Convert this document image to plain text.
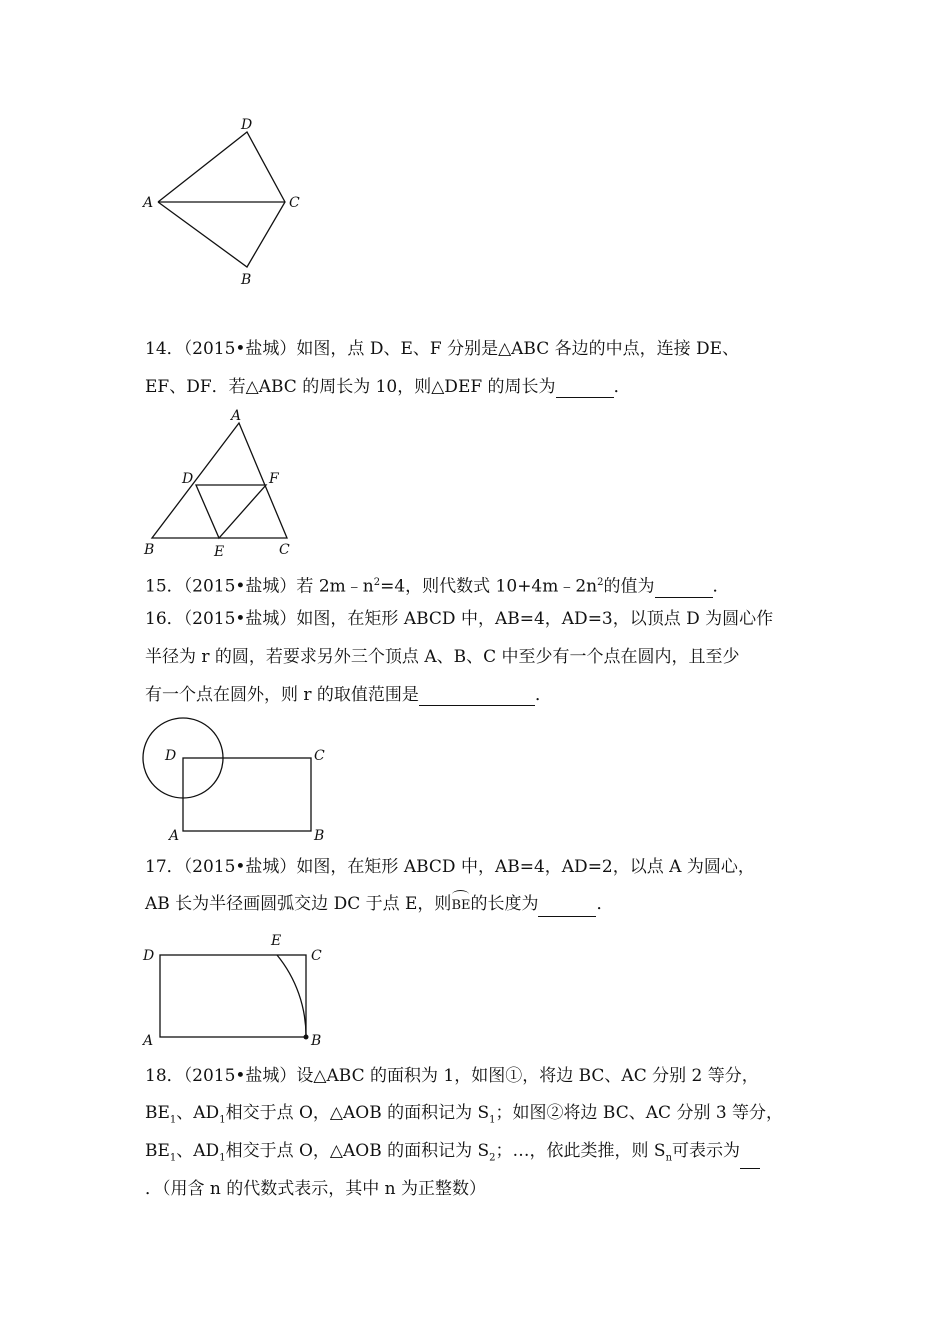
D
A	C
B
14．（2015•盐城）如图，点 D、E、F 分别是△ABC 各边的中点，连接 DE、
EF、DF．若△ABC 的周长为 10，则△DEF 的周长为	．
A
D	F
B	E	C
15．（2015•盐城）若 $2m﹣n^2=4$，则代数式 $10+4m﹣2n^2$的值为	．
16．（2015•盐城）如图，在矩形 ABCD 中，AB=4，AD=3，以顶点 D 为圆心作
半径为 r 的圆，若要求另外三个顶点 A、B、C 中至少有一个点在圆内，且至少
有一个点在圆外，则 r 的取值范围是	．
D	C
A	B
17．（2015•盐城）如图，在矩形 ABCD 中，AB=4，AD=2，以点 A 为圆心，
AB 长为半径画圆弧交边 DC 于点 E，则BE的长度为	．
E
D	C
A	B
18．（2015•盐城）设△ABC 的面积为 1，如图①，将边 BC、AC 分别 2 等分，
$BE_1$、$AD_1$相交于点 O，△AOB 的面积记为 $S_1$；如图②将边 BC、AC 分别 3 等分，
$BE_1$、$AD_1$相交于点 O，△AOB 的面积记为 $S_2$；…，依此类推，则 $S_n$可表示为
．（用含 n 的代数式表示，其中 n 为正整数）
